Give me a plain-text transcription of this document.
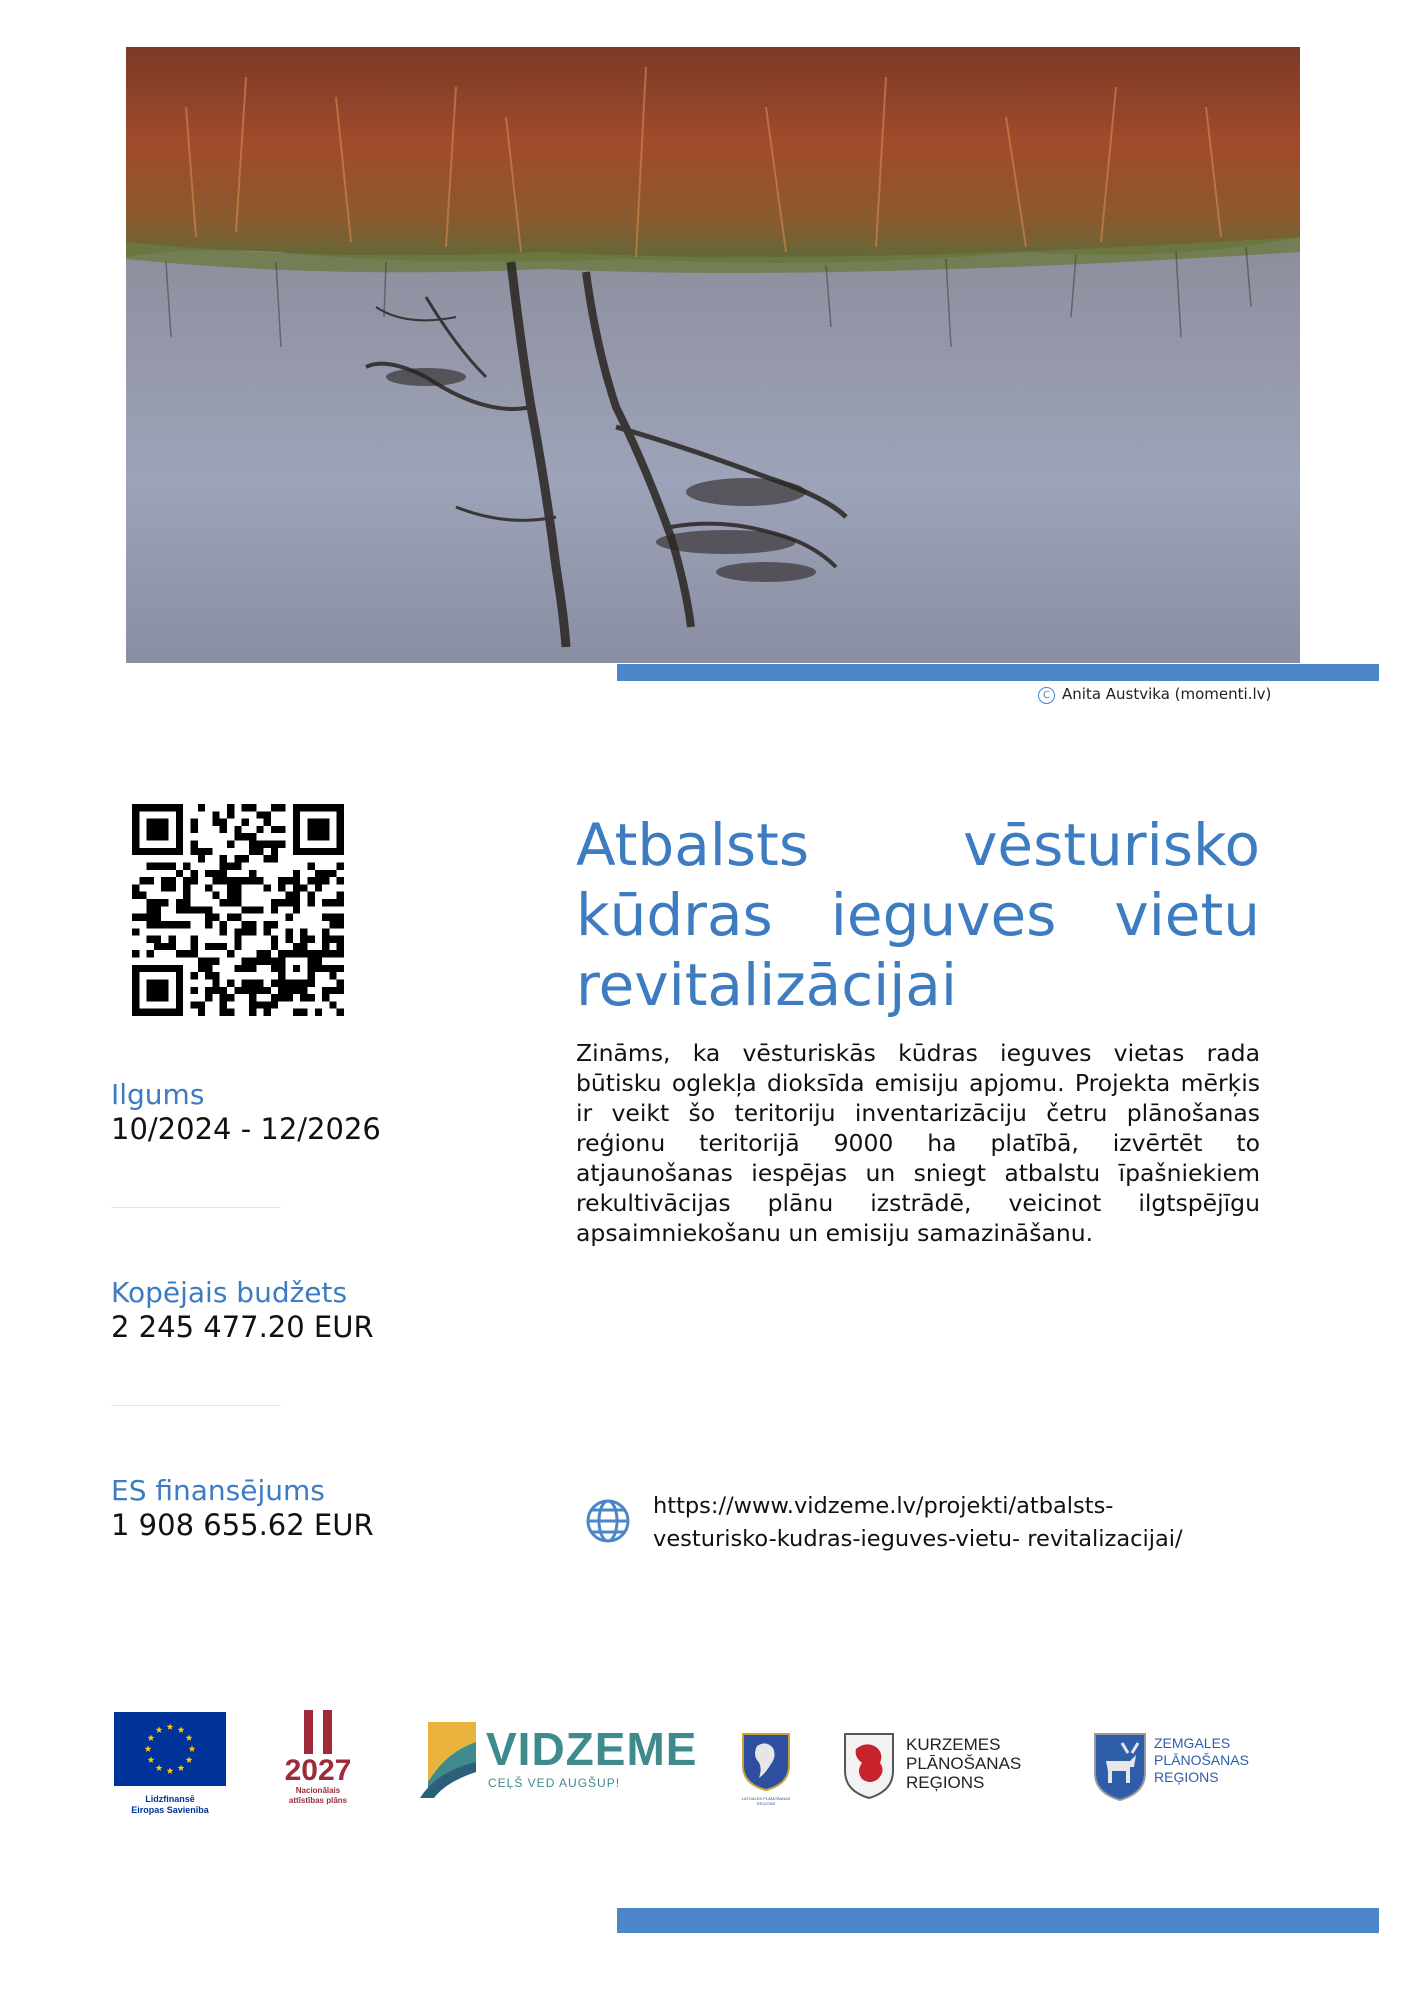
C Anita Austvika (momenti.lv)
Ilgums
10/2024 - 12/2026
Kopējais budžets
2 245 477.20 EUR
ES finansējums
1 908 655.62 EUR
Atbalsts vēsturisko
kūdras ieguves vietu
revitalizācijai
Zināms, ka vēsturiskās kūdras ieguves vietas rada būtisku oglekļa dioksīda emisiju apjomu. Projekta mērķis ir veikt šo teritoriju inventarizāciju četru plānošanas reģionu teritorijā 9000 ha platībā, izvērtēt to atjaunošanas iespējas un sniegt atbalstu īpašniekiem rekultivācijas plānu izstrādē, veicinot ilgtspējīgu apsaimniekošanu un emisiju samazināšanu.
https://www.vidzeme.lv/projekti/atbalsts-
vesturisko-kudras-ieguves-vietu- revitalizacijai/
Līdzfinansē
Eiropas Savienība
2027
Nacionālais
attīstības plāns
VIDZEME
CEĻŠ VED AUGŠUP!
LATGALES PLĀNOŠANAS REĢIONS
KURZEMES
PLĀNOŠANAS
REĢIONS
ZEMGALES
PLĀNOŠANAS
REĢIONS
